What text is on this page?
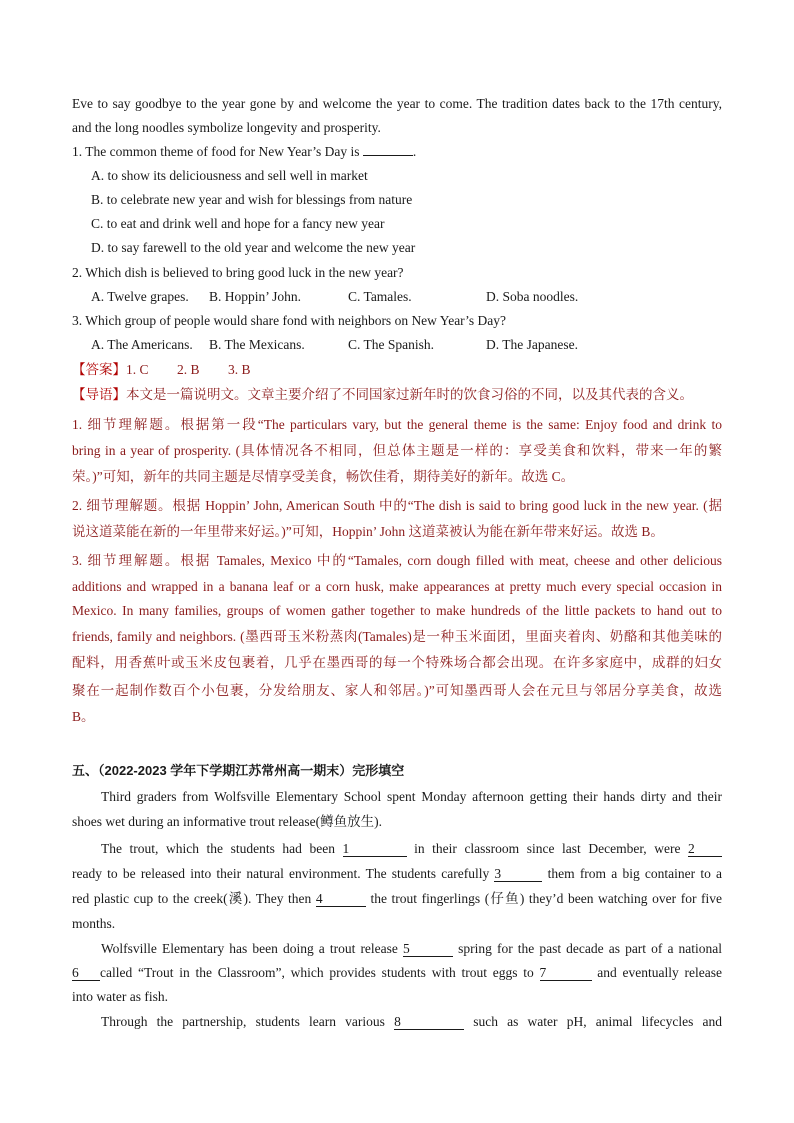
Eve to say goodbye to the year gone by and welcome the year to come. The tradition dates back to the 17th century,
and the long noodles symbolize longevity and prosperity.
1. The common theme of food for New Year’s Day is	.
A. to show its deliciousness and sell well in market
B. to celebrate new year and wish for blessings from nature
C. to eat and drink well and hope for a fancy new year
D. to say farewell to the old year and welcome the new year
2. Which dish is believed to bring good luck in the new year?
A. Twelve grapes. B. Hoppin’ John.	C. Tamales.	D. Soba noodles.
3. Which group of people would share fond with neighbors on New Year’s Day?
A. The Americans. B. The Mexicans.	C. The Spanish.	D. The Japanese.
【答案】1. C 2. B 3. B
【导语】本文是一篇说明文。文章主要介绍了不同国家过新年时的饮食习俗的不同，以及其代表的含义。
1. 细节理解题。根据第一段“The particulars vary, but the general theme is the same: Enjoy food and drink to
bring in a year of prosperity. (具体情况各不相同，但总体主题是一样的：享受美食和饮料，带来一年的繁
荣。)”可知，新年的共同主题是尽情享受美食，畅饮佳肴，期待美好的新年。故选 C。
2. 细节理解题。根据 Hoppin’ John, American South 中的“The dish is said to bring good luck in the new year. (据
说这道菜能在新的一年里带来好运。)”可知，Hoppin’ John 这道菜被认为能在新年带来好运。故选 B。
3. 细节理解题。根据 Tamales, Mexico 中的“Tamales, corn dough filled with meat, cheese and other delicious
additions and wrapped in a banana leaf or a corn husk, make appearances at pretty much every special occasion in
Mexico. In many families, groups of women gather together to make hundreds of the little packets to hand out to
friends, family and neighbors. (墨西哥玉米粉蒸肉(Tamales)是一种玉米面团，里面夹着肉、奶酪和其他美味的
配料，用香蕉叶或玉米皮包裹着，几乎在墨西哥的每一个特殊场合都会出现。在许多家庭中，成群的妇女
聚在一起制作数百个小包裹，分发给朋友、家人和邻居。)”可知墨西哥人会在元旦与邻居分享美食，故选
B。
五、（2022-2023 学年下学期江苏常州高一期末）完形填空
Third graders from Wolfsville Elementary School spent Monday afternoon getting their hands dirty and their
shoes wet during an informative trout release(鳟鱼放生).
The trout, which the students had been 1	in their classroom since last December, were 2
ready to be released into their natural environment. The students carefully 3	them from a big container to a
red plastic cup to the creek(溪). They then 4	the trout fingerlings (仔鱼) they’d been watching over for five
months.
Wolfsville Elementary has been doing a trout release 5	spring for the past decade as part of a national
6 called “Trout in the Classroom”, which provides students with trout eggs to 7	and eventually release
into water as fish.
Through the partnership, students learn various 8	such as water pH, animal lifecycles and
